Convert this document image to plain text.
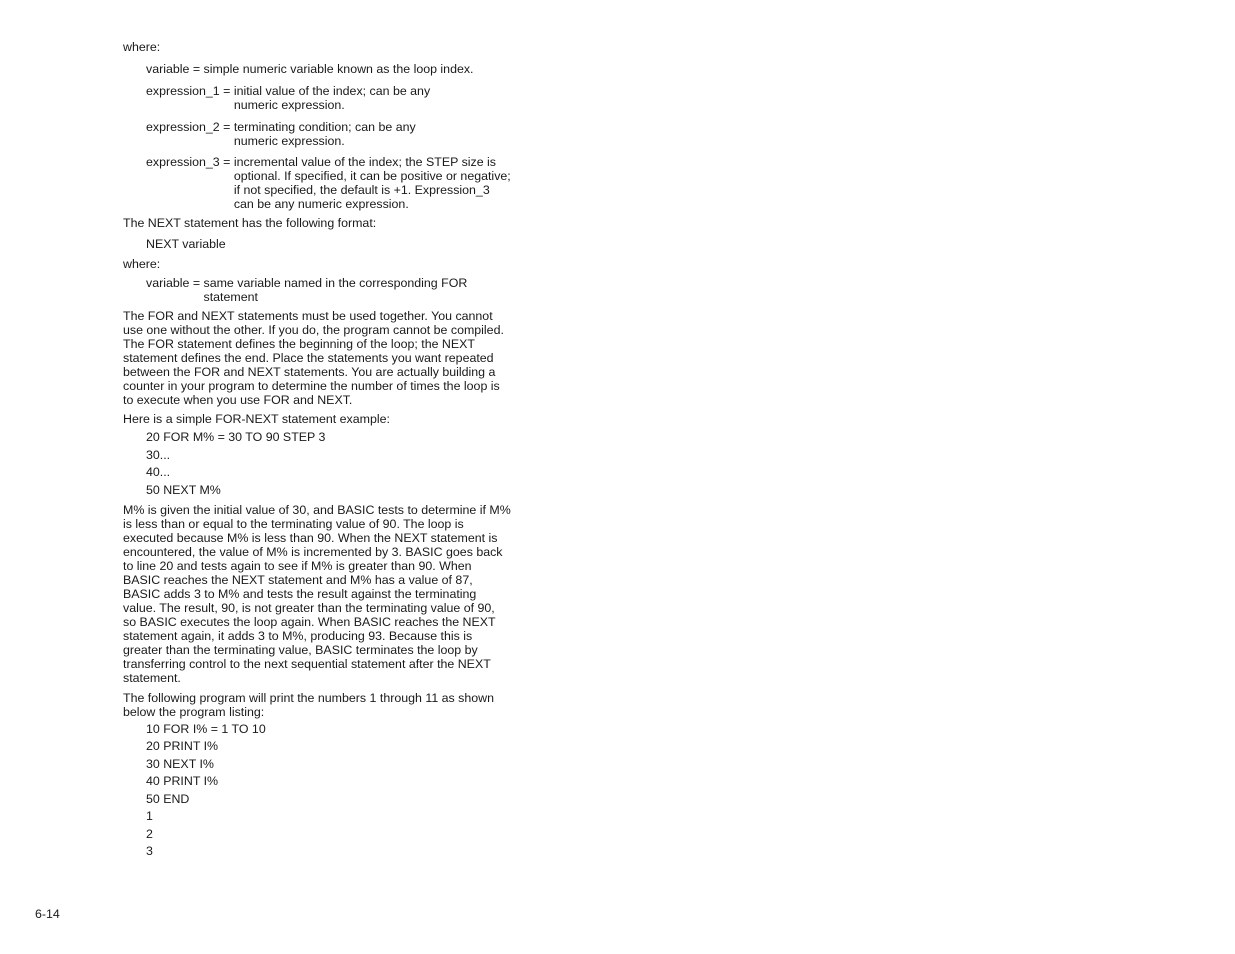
where:

variable = simple numeric variable known as the loop index.
expression_1 = initial value of the index; can be any numeric expression.
expression_2 = terminating condition; can be any numeric expression.
expression_3 = incremental value of the index; the STEP size is optional. If specified, it can be positive or negative; if not specified, the default is +1. Expression_3 can be any numeric expression.

The NEXT statement has the following format:

NEXT variable

where:

variable = same variable named in the corresponding FOR statement

The FOR and NEXT statements must be used together. You cannot use one without the other. If you do, the program cannot be compiled. The FOR statement defines the beginning of the loop; the NEXT statement defines the end. Place the statements you want repeated between the FOR and NEXT statements. You are actually building a counter in your program to determine the number of times the loop is to execute when you use FOR and NEXT.

Here is a simple FOR-NEXT statement example:

20 FOR M% = 30 TO 90 STEP 3

30...

40...

50 NEXT M%

M% is given the initial value of 30, and BASIC tests to determine if M% is less than or equal to the terminating value of 90. The loop is executed because M% is less than 90. When the NEXT statement is encountered, the value of M% is incremented by 3. BASIC goes back to line 20 and tests again to see if M% is greater than 90. When BASIC reaches the NEXT statement and M% has a value of 87, BASIC adds 3 to M% and tests the result against the terminating value. The result, 90, is not greater than the terminating value of 90, so BASIC executes the loop again. When BASIC reaches the NEXT statement again, it adds 3 to M%, producing 93. Because this is greater than the terminating value, BASIC terminates the loop by transferring control to the next sequential statement after the NEXT statement.

The following program will print the numbers 1 through 11 as shown below the program listing:

10 FOR I% = 1 TO 10

20 PRINT I%

30 NEXT I%

40 PRINT I%

50 END

1

2

3

6-14
